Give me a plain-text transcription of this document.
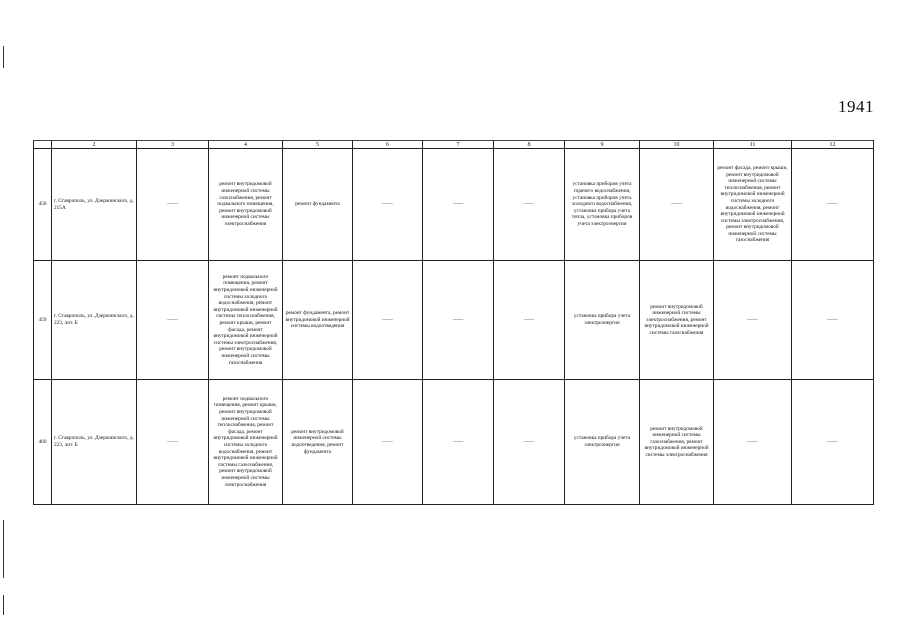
1941
	2	3	4	5	6	7	8	9	10	11	12
458	г. Ставрополь, ул. Дзержинского, д. 215А	——	ремонт внутридомовой инженерной системы газоснабжения, ремонт подвального помещения, ремонт внутридомовой инженерной системы электроснабжения	ремонт фундамента	——	——	——	установка приборов учета горячего водоснабжения, установка приборов учета холодного водоснабжения, установка прибора учета тепла, установка приборов учета электроэнергии	——	ремонт фасада, ремонт крыши, ремонт внутридомовой инженерной системы теплоснабжения, ремонт внутридомовой инженерной системы холодного водоснабжения, ремонт внутридомовой инженерной системы электроснабжения, ремонт внутридомовой инженерной системы газоснабжения	——
459	г. Ставрополь, ул. Дзержинского, д. 223, лит. Б	——	ремонт подвального помещения, ремонт внутридомовой инженерной системы холодного водоснабжения, ремонт внутридомовой инженерной системы теплоснабжения, ремонт крыши, ремонт фасада, ремонт внутридомовой инженерной системы электроснабжения, ремонт внутридомовой инженерной системы газоснабжения	ремонт фундамента, ремонт внутридомовой инженерной системы водоотведения	——	——	——	установка прибора учета электроэнергии	ремонт внутридомовой инженерной системы электроснабжения, ремонт внутридомовой инженерной системы газоснабжения	——	——
460	г. Ставрополь, ул. Дзержинского, д. 223, лит. Б	——	ремонт подвального помещения, ремонт крыши, ремонт внутридомовой инженерной системы теплоснабжения, ремонт фасада, ремонт внутридомовой инженерной системы холодного водоснабжения, ремонт внутридомовой инженерной системы газоснабжения, ремонт внутридомовой инженерной системы электроснабжения	ремонт внутридомовой инженерной системы водоотведения, ремонт фундамента	——	——	——	установка прибора учета электроэнергии	ремонт внутридомовой инженерной системы газоснабжения, ремонт внутридомовой инженерной системы электроснабжения	——	——
